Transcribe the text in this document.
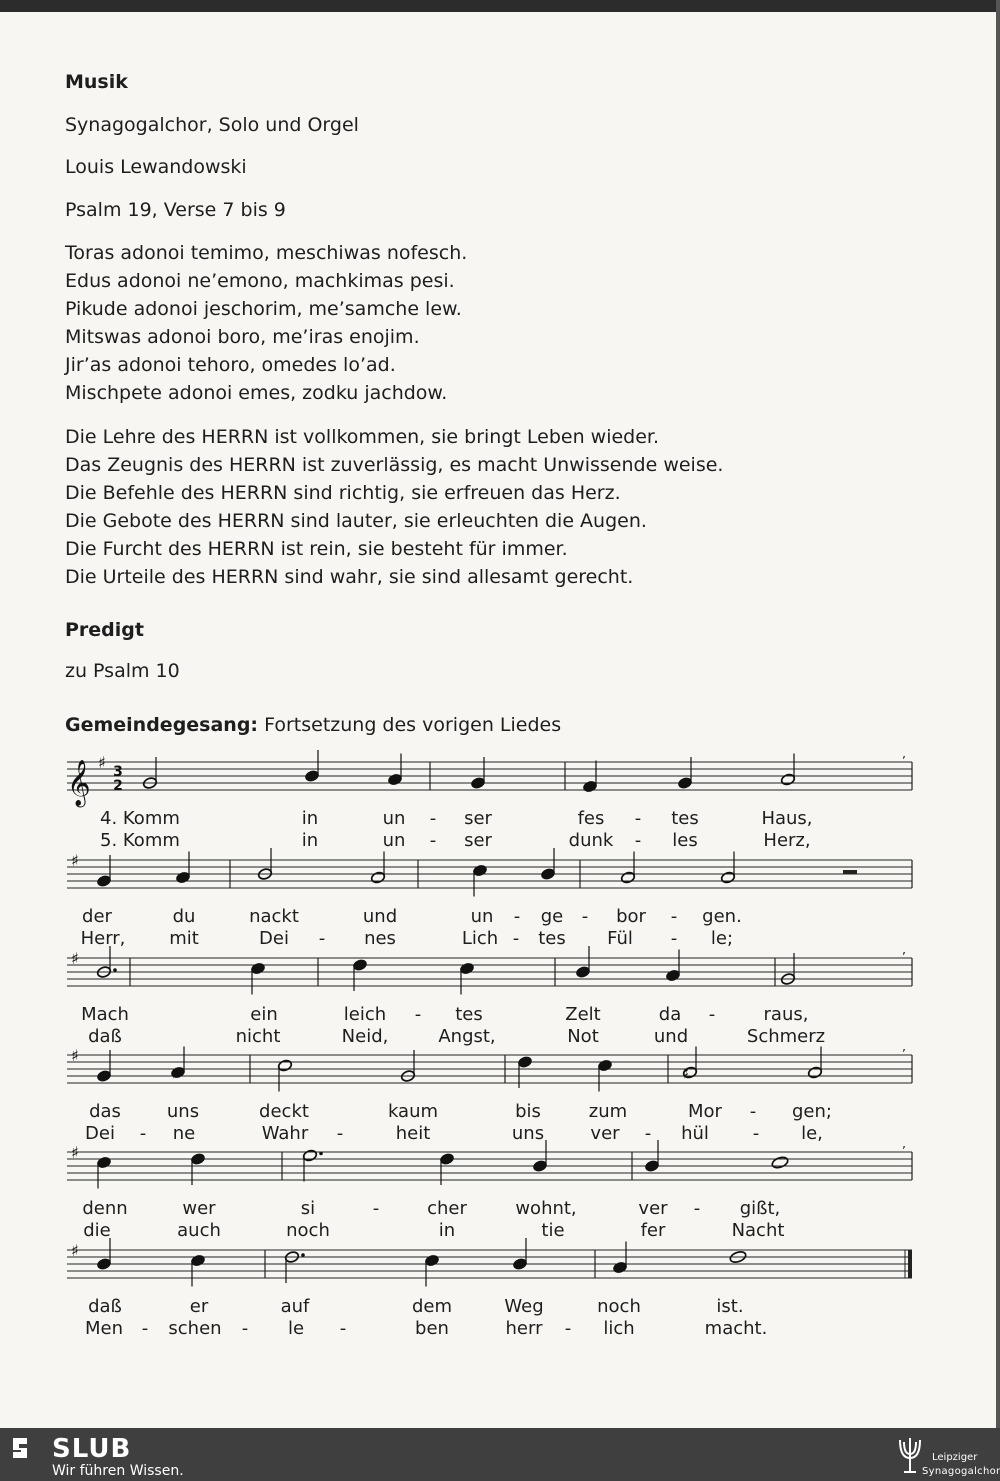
Musik
Synagogalchor, Solo und Orgel
Louis Lewandowski
Psalm 19, Verse 7 bis 9
Toras adonoi temimo, meschiwas nofesch.
Edus adonoi ne’emono, machkimas pesi.
Pikude adonoi jeschorim, me’samche lew.
Mitswas adonoi boro, me’iras enojim.
Jir’as adonoi tehoro, omedes lo’ad.
Mischpete adonoi emes, zodku jachdow.
Die Lehre des HERRN ist vollkommen, sie bringt Leben wieder.
Das Zeugnis des HERRN ist zuverlässig, es macht Unwissende weise.
Die Befehle des HERRN sind richtig, sie erfreuen das Herz.
Die Gebote des HERRN sind lauter, sie erleuchten die Augen.
Die Furcht des HERRN ist rein, sie besteht für immer.
Die Urteile des HERRN sind wahr, sie sind allesamt gerecht.
Predigt
zu Psalm 10
Gemeindegesang: Fortsetzung des vorigen Liedes
𝄞 3
2
♯	’
♯
♯	’
♯	’
♯	’
♯
♯	♯
4. Komm	in	un - ser	fes - tes	Haus,
5. Komm	in	un - ser	dunk - les	Herz,
der	du	nackt	und	un - ge - bor - gen.
Herr, mit	Dei - nes	Lich - tes Fül - le;
Mach	ein	leich - tes	Zelt	da -	raus,
daß	nicht	Neid,	Angst,	Not	und	Schmerz
das	uns	deckt	kaum	bis	zum	Mor - gen;
Dei - ne	Wahr -	heit	uns	ver - hül - le,
denn	wer	si	-	cher	wohnt,	ver - gißt,
die	auch	noch	in	tie	fer	Nacht
daß	er	auf	dem	Weg	noch	ist.
Men - schen - le -	ben	herr - lich	macht.
SLUB
Wir führen Wissen.
Leipziger
Synagogalchor
